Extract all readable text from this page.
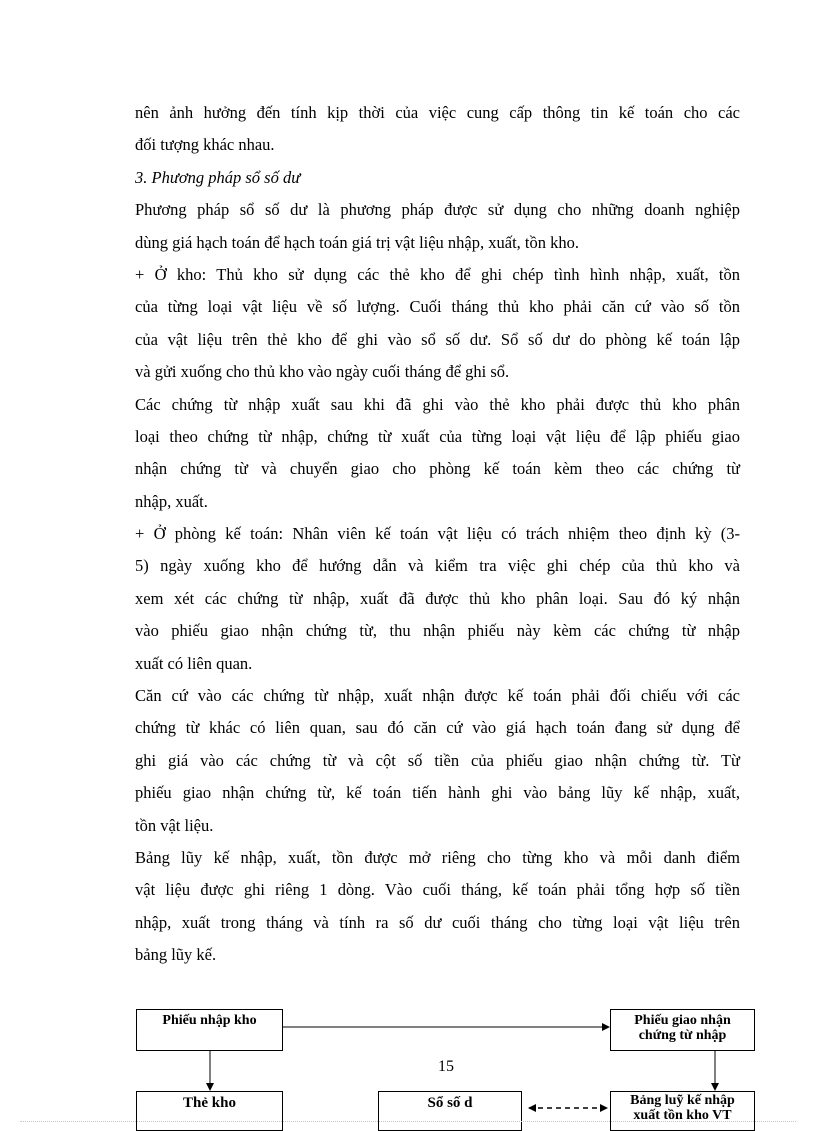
nên ảnh hưởng đến tính kịp thời của việc cung cấp thông tin kế toán cho các
đối tượng khác nhau.
3. Phương pháp sổ số dư
Phương pháp sổ số dư là phương pháp được sử dụng cho những doanh nghiệp
dùng giá hạch toán để hạch toán giá trị vật liệu nhập, xuất, tồn kho.
+ Ở kho: Thủ kho sử dụng các thẻ kho để ghi chép tình hình nhập, xuất, tồn
của từng loại vật liệu về số lượng. Cuối tháng thủ kho phải căn cứ vào số tồn
của vật liệu trên thẻ kho để ghi vào sổ số dư. Sổ số dư do phòng kế toán lập
và gửi xuống cho thủ kho vào ngày cuối tháng để ghi sổ.
Các chứng từ nhập xuất sau khi đã ghi vào thẻ kho phải được thủ kho phân
loại theo chứng từ nhập, chứng từ xuất của từng loại vật liệu để lập phiếu giao
nhận chứng từ và chuyển giao cho phòng kế toán kèm theo các chứng từ
nhập, xuất.
+ Ở phòng kế toán: Nhân viên kế toán vật liệu có trách nhiệm theo định kỳ (3-
5) ngày xuống kho để hướng dẫn và kiểm tra việc ghi chép của thủ kho và
xem xét các chứng từ nhập, xuất đã được thủ kho phân loại. Sau đó ký nhận
vào phiếu giao nhận chứng từ, thu nhận phiếu này kèm các chứng từ nhập
xuất có liên quan.
Căn cứ vào các chứng từ nhập, xuất nhận được kế toán phải đối chiếu với các
chứng từ khác có liên quan, sau đó căn cứ vào giá hạch toán đang sử dụng để
ghi giá vào các chứng từ và cột số tiền của phiếu giao nhận chứng từ. Từ
phiếu giao nhận chứng từ, kế toán tiến hành ghi vào bảng lũy kế nhập, xuất,
tồn vật liệu.
Bảng lũy kế nhập, xuất, tồn được mở riêng cho từng kho và mỗi danh điểm
vật liệu được ghi riêng 1 dòng. Vào cuối tháng, kế toán phải tổng hợp số tiền
nhập, xuất trong tháng và tính ra số dư cuối tháng cho từng loại vật liệu trên
bảng lũy kế.
Phiếu nhập kho	Phiếu giao nhận
chứng từ nhập
Thẻ kho	Sổ số d	Bảng luỹ kế nhập
xuất tồn kho VT
15
